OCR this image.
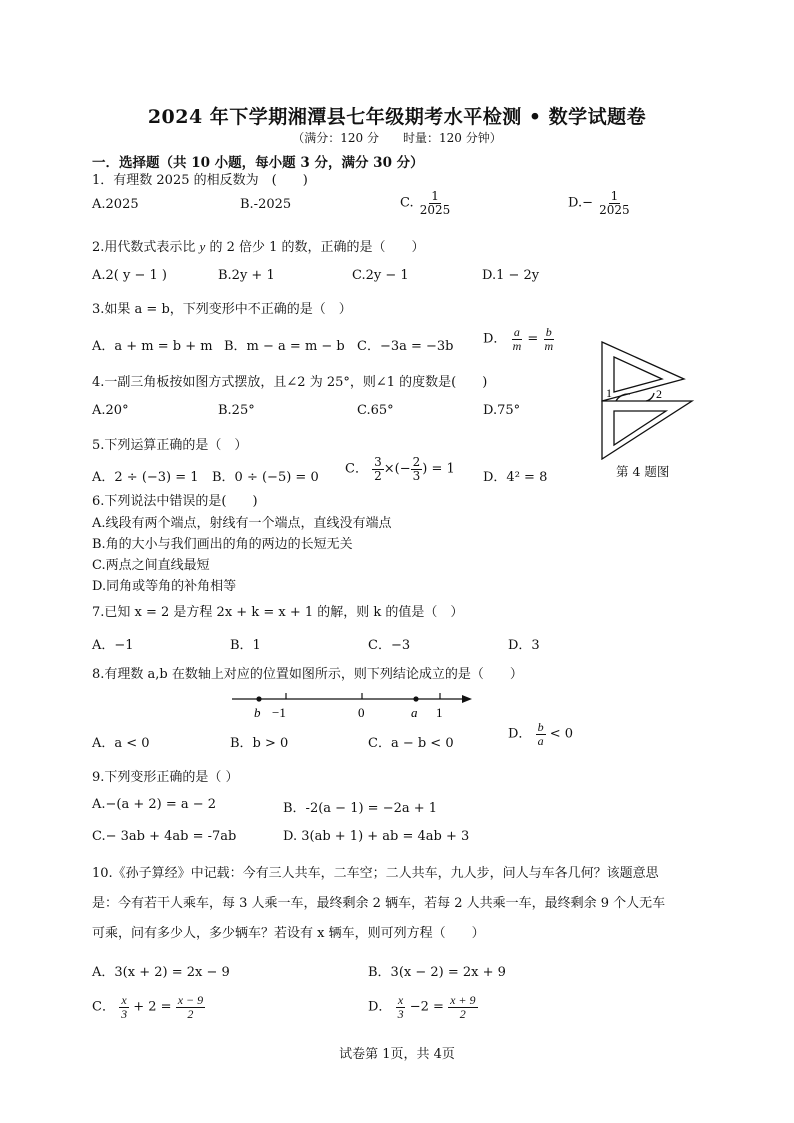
2024 年下学期湘潭县七年级期考水平检测 • 数学试题卷
（满分：120 分　　时量：120 分钟）
一．选择题（共 10 小题，每小题 3 分，满分 30 分）
1．有理数 2025 的相反数为　(　　)
A.2025	B.-2025	C. $\frac{1}{2025}$	$D.- \frac{1}{2025}$
2.用代数式表示比 y 的 2 倍少 1 的数，正确的是（　　）
A.2( y − 1 )	B.2y + 1	C.2y − 1	D.1 − 2y
3.如果 a = b，下列变形中不正确的是（　）
A．a + m = b + m B．m − a = m − b C．−3a = −3b D． $\frac{a}{m} = \frac{b}{m}$
4.一副三角板按如图方式摆放，且∠2 为 25°，则∠1 的度数是(　　)
A.20°	B.25°	C.65°	D.75°
1	2
第 4 题图
5.下列运算正确的是（　）
A．2 ÷ (−3) = 1 B．0 ÷ (−5) = 0
C． $\frac{3}{2}$ ×(− $\frac{2}{3}$ ) = 1
D．4² = 8
6.下列说法中错误的是(　　)
A.线段有两个端点，射线有一个端点，直线没有端点
B.角的大小与我们画出的角的两边的长短无关
C.两点之间直线最短
D.同角或等角的补角相等
7.已知 x = 2 是方程 2x + k = x + 1 的解，则 k 的值是（　）
A．−1	B．1	C．−3	D．3
8.有理数 a,b 在数轴上对应的位置如图所示，则下列结论成立的是（　　）
b −1	0	a 1
A．a < 0	B．b > 0	C．a − b < 0
D． $\frac{b}{a} < 0$
9.下列变形正确的是（ ）
A.−(a + 2) = a − 2	B．-2(a − 1) = −2a + 1
C.− 3ab + 4ab = -7ab	D. 3(ab + 1) + ab = 4ab + 3
10.《孙子算经》中记载：今有三人共车，二车空；二人共车，九人步，问人与车各几何？该题意思
是：今有若干人乘车，每 3 人乘一车，最终剩余 2 辆车，若每 2 人共乘一车，最终剩余 9 个人无车
可乘，问有多少人，多少辆车？若设有 x 辆车，则可列方程（　　）
A．3(x + 2) = 2x − 9	B．3(x − 2) = 2x + 9
C． $\frac{x}{3} + 2 = \frac{x - 9}{2}$	D． $\frac{x}{3} -2 = \frac{x + 9}{2}$
试卷第 1页，共 4页
